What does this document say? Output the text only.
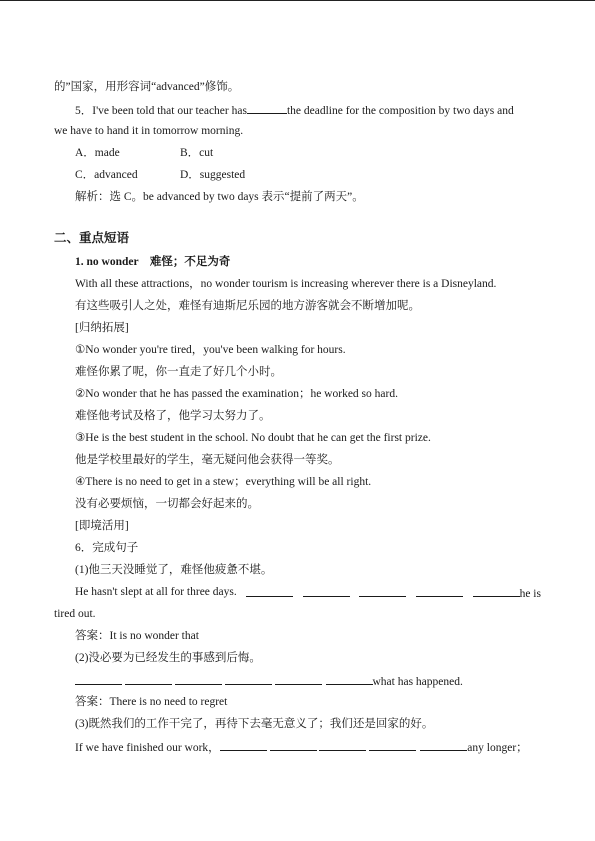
的”国家，用形容词“advanced”修饰。
5．I've been told that our teacher has	the deadline for the composition by two days and
we have to hand it in tomorrow morning.
A．made	B．cut
C．advanced	D．suggested
解析：选 C。be advanced by two days 表示“提前了两天”。
二、重点短语
1. no wonder　难怪；不足为奇
With all these attractions，no wonder tourism is increasing wherever there is a Disneyland.
有这些吸引人之处，难怪有迪斯尼乐园的地方游客就会不断增加呢。
[归纳拓展]
①No wonder you're tired，you've been walking for hours.
难怪你累了呢，你一直走了好几个小时。
②No wonder that he has passed the examination；he worked so hard.
难怪他考试及格了，他学习太努力了。
③He is the best student in the school. No doubt that he can get the first prize.
他是学校里最好的学生，毫无疑问他会获得一等奖。
④There is no need to get in a stew；everything will be all right.
没有必要烦恼，一切都会好起来的。
[即境活用]
6．完成句子
(1)他三天没睡觉了，难怪他疲惫不堪。
He hasn't slept at all for three days.	he is
tired out.
答案：It is no wonder that
(2)没必要为已经发生的事感到后悔。
what has happened.
答案：There is no need to regret
(3)既然我们的工作干完了，再待下去毫无意义了；我们还是回家的好。
If we have finished our work，	any longer；
